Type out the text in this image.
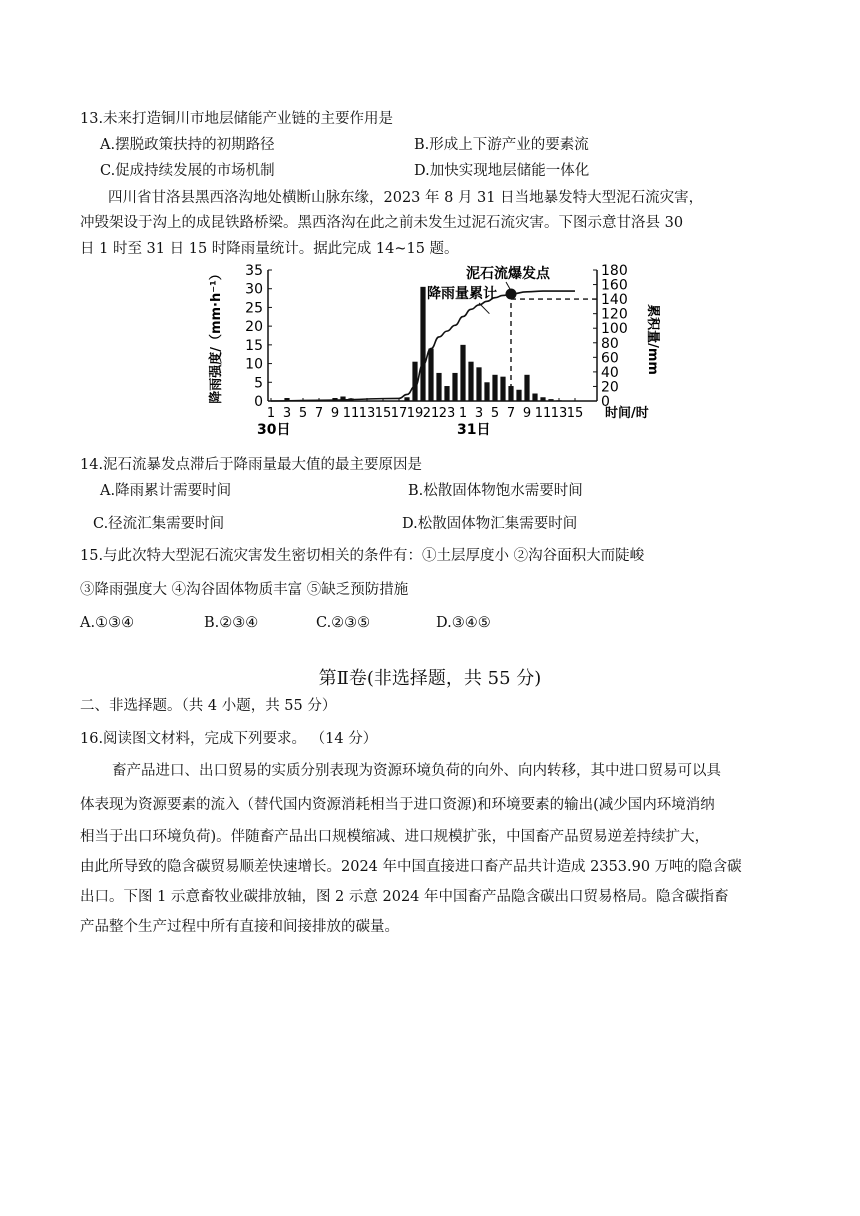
13.未来打造铜川市地层储能产业链的主要作用是
A.摆脱政策扶持的初期路径	B.形成上下游产业的要素流
C.促成持续发展的市场机制	D.加快实现地层储能一体化
四川省甘洛县黑西洛沟地处横断山脉东缘，2023 年 8 月 31 日当地暴发特大型泥石流灾害，
冲毁架设于沟上的成昆铁路桥梁。黑西洛沟在此之前未发生过泥石流灾害。下图示意甘洛县 30
日 1 时至 31 日 15 时降雨量统计。据此完成 14~15 题。
0
5
10
15
20
25
30
35
0
20
40
60
80
100
120
140
160
180
1 3 5 7 9 11 13 15 17 19 21 23 1 3 5 7 9 11 13 15
30日	31日
时间/时
降雨强度/（mm·h⁻¹）	累积量/mm
泥石流爆发点
降雨量累计
14.泥石流暴发点滞后于降雨量最大值的最主要原因是
A.降雨累计需要时间	B.松散固体物饱水需要时间
C.径流汇集需要时间	D.松散固体物汇集需要时间
15.与此次特大型泥石流灾害发生密切相关的条件有：①土层厚度小 ②沟谷面积大而陡峻
③降雨强度大 ④沟谷固体物质丰富 ⑤缺乏预防措施
A.①③④	B.②③④	C.②③⑤	D.③④⑤
第Ⅱ卷(非选择题，共 55 分)
二、非选择题。（共 4 小题，共 55 分）
16.阅读图文材料，完成下列要求。 （14 分）
畜产品进口、出口贸易的实质分别表现为资源环境负荷的向外、向内转移，其中进口贸易可以具
体表现为资源要素的流入（替代国内资源消耗相当于进口资源)和环境要素的输出(减少国内环境消纳
相当于出口环境负荷)。伴随畜产品出口规模缩减、进口规模扩张，中国畜产品贸易逆差持续扩大，
由此所导致的隐含碳贸易顺差快速增长。2024 年中国直接进口畜产品共计造成 2353.90 万吨的隐含碳
出口。下图 1 示意畜牧业碳排放轴，图 2 示意 2024 年中国畜产品隐含碳出口贸易格局。隐含碳指畜
产品整个生产过程中所有直接和间接排放的碳量。
